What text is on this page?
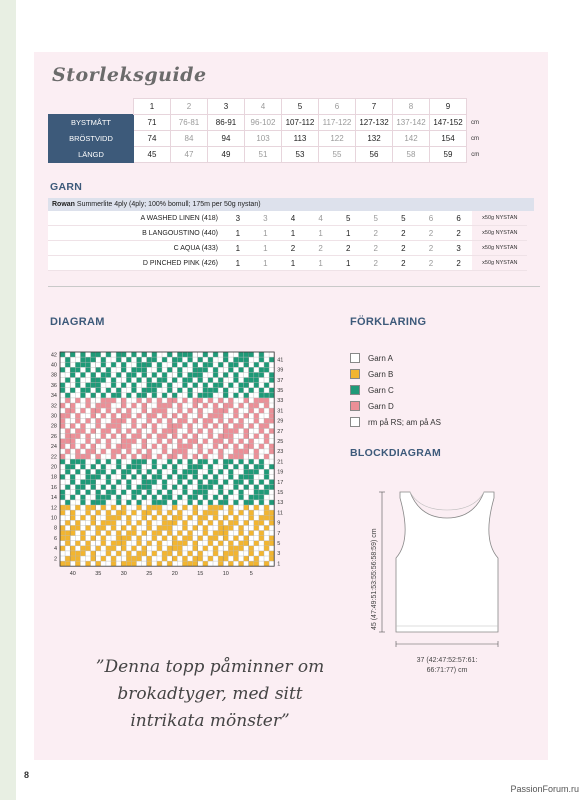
Storleksguide
	1	2	3	4	5	6	7	8	9	
BYSTMÅTT	71	76-81	86-91	96-102	107-112	117-122	127-132	137-142	147-152	cm
BRÖSTVIDD	74	84	94	103	113	122	132	142	154	cm
LÄNGD	45	47	49	51	53	55	56	58	59	cm
GARN
Rowan Summerlite 4ply (4ply; 100% bomull; 175m per 50g nystan)
A WASHED LINEN (418)	3	3	4	4	5	5	5	6	6	x50g NYSTAN
B LANGOUSTINO (440)	1	1	1	1	1	2	2	2	2	x50g NYSTAN
C AQUA (433)	1	1	2	2	2	2	2	2	3	x50g NYSTAN
D PINCHED PINK (426)	1	1	1	1	1	2	2	2	2	x50g NYSTAN
DIAGRAM	FÖRKLARING
42
40
38
36
34
32
30
28
26
24
22
20
18
16
14
12
10
8
6
4
2
41
39
37
35
33
31
29
27
25
23
21
19
17
15
13
11
9
7
5
3
1
40	35	30	25	20	15	10	5
Garn A
Garn B
Garn C
Garn D
rm på RS; am på AS
BLOCKDIAGRAM
45 (47:49:51:53:55:56:58:59) cm
37 (42:47:52:57:61:
66:71:77) cm
”Denna topp påminner om
brokadtyger, med sitt
intrikata mönster”
8
PassionForum.ru
